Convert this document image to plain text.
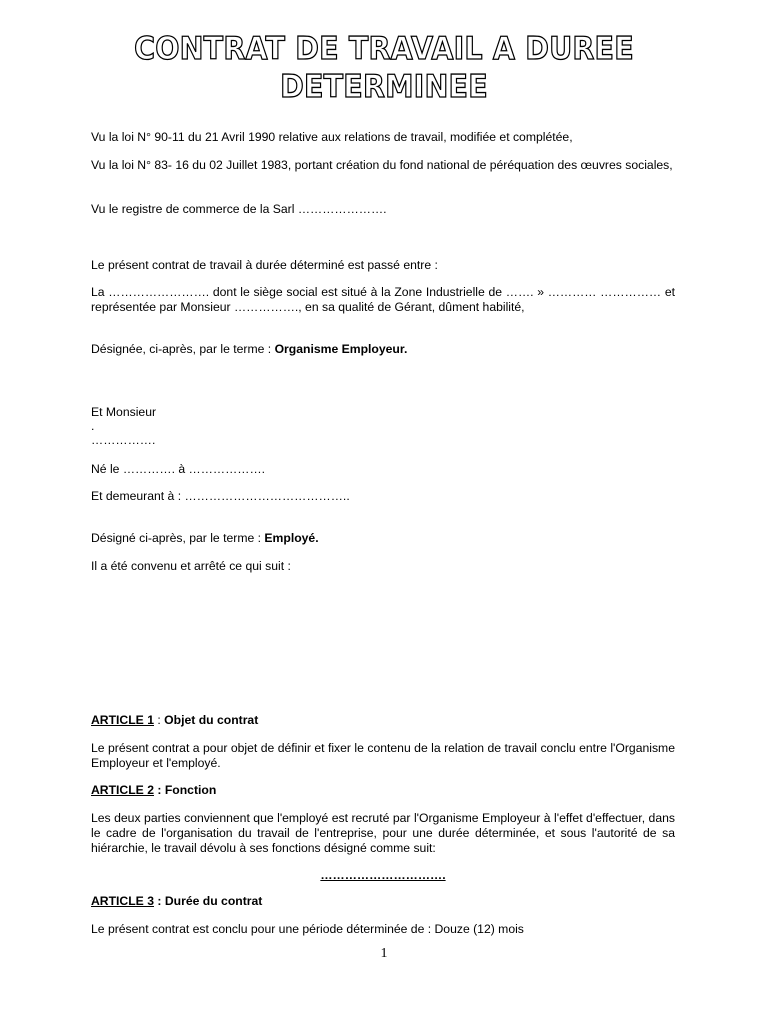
CONTRAT DE TRAVAIL A DUREE DETERMINEE

Vu la loi N° 90-11 du 21 Avril 1990 relative aux relations de travail, modifiée et complétée,

Vu la loi N° 83- 16 du 02 Juillet 1983, portant création du fond national de péréquation des œuvres sociales,

Vu le registre de commerce de la Sarl ………………….

Le présent contrat de travail à durée déterminé est passé entre :

La ……………………. dont le siège social est situé à la Zone Industrielle de ……. » ………… …………… et représentée par Monsieur ……………., en sa qualité de Gérant, dûment habilité,

Désignée, ci-après, par le terme : Organisme Employeur.

Et Monsieur

.

…………….

Né le …………. à ……………….

Et demeurant à : …………………………………..

Désigné ci-après, par le terme : Employé.

Il a été convenu et arrêté ce qui suit :

ARTICLE 1 : Objet du contrat

Le présent contrat a pour objet de définir et fixer le contenu de la relation de travail conclu entre l'Organisme Employeur et l'employé.

ARTICLE 2 : Fonction

Les deux parties conviennent que l'employé est recruté par l'Organisme Employeur à l'effet d'effectuer, dans le cadre de l'organisation du travail de l'entreprise, pour une durée déterminée, et sous l'autorité de sa hiérarchie, le travail dévolu à ses fonctions désigné comme suit:

………………………….

ARTICLE 3 : Durée du contrat

Le présent contrat est conclu pour une période déterminée de : Douze (12) mois

1
